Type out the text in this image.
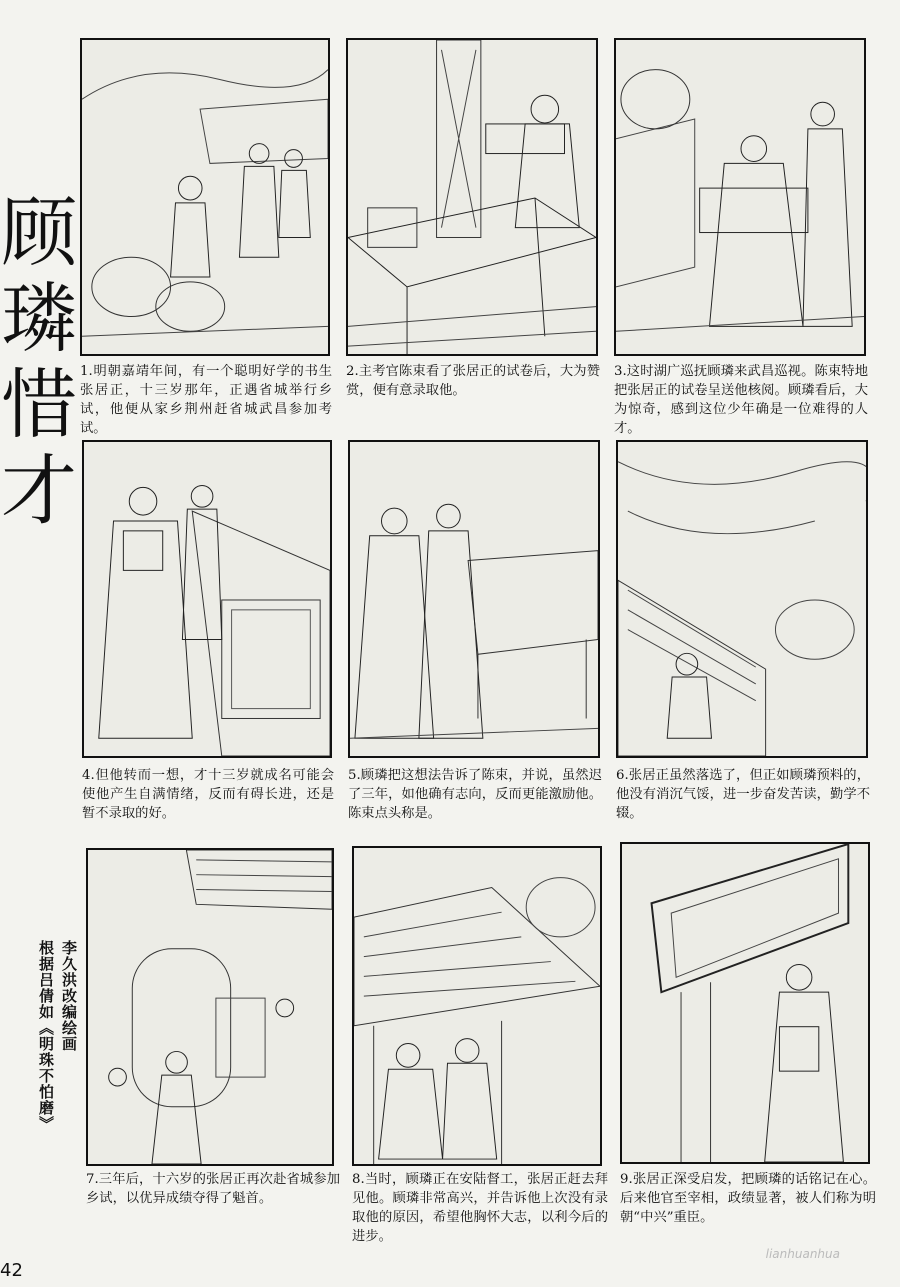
顾
璘
惜
才
李久洪改编绘画
根据吕倩如《明珠不怕磨》
1.明朝嘉靖年间，有一个聪明好学的书生张居正，十三岁那年，正遇省城举行乡试，他便从家乡荆州赶省城武昌参加考试。
2.主考官陈束看了张居正的试卷后，大为赞赏，便有意录取他。
3.这时湖广巡抚顾璘来武昌巡视。陈束特地把张居正的试卷呈送他核阅。顾璘看后，大为惊奇，感到这位少年确是一位难得的人才。
4.但他转而一想，才十三岁就成名可能会使他产生自满情绪，反而有碍长进，还是暂不录取的好。
5.顾璘把这想法告诉了陈束，并说，虽然迟了三年，如他确有志向，反而更能激励他。陈束点头称是。
6.张居正虽然落选了，但正如顾璘预料的，他没有消沉气馁，进一步奋发苦读，勤学不辍。
7.三年后，十六岁的张居正再次赴省城参加乡试，以优异成绩夺得了魁首。
8.当时，顾璘正在安陆督工，张居正赶去拜见他。顾璘非常高兴，并告诉他上次没有录取他的原因，希望他胸怀大志，以利今后的进步。
9.张居正深受启发，把顾璘的话铭记在心。后来他官至宰相，政绩显著，被人们称为明朝“中兴”重臣。
42
lianhuanhua
